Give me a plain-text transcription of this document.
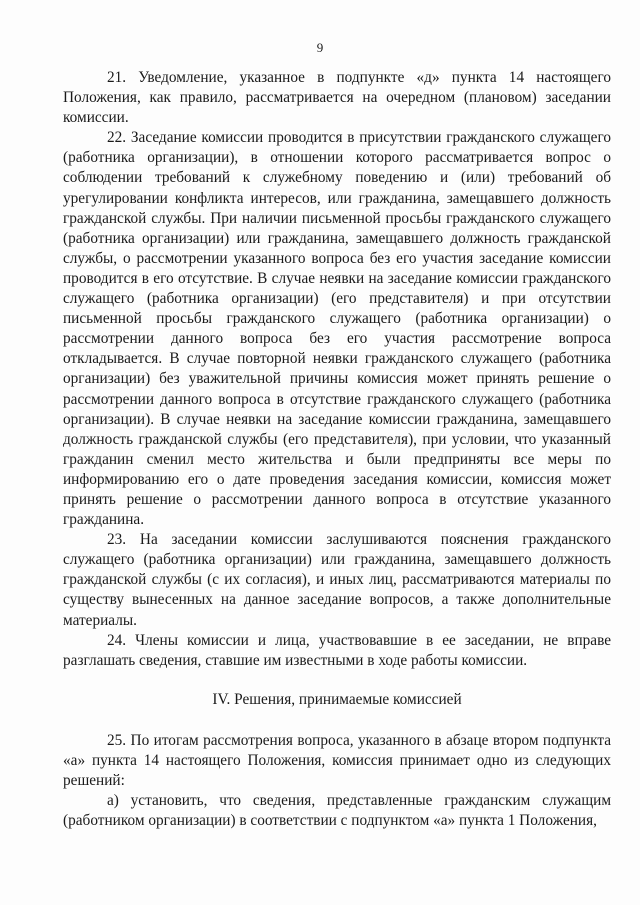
9

21. Уведомление, указанное в подпункте «д» пункта 14 настоящего Положения, как правило, рассматривается на очередном (плановом) заседании комиссии.

22. Заседание комиссии проводится в присутствии гражданского служащего (работника организации), в отношении которого рассматривается вопрос о соблюдении требований к служебному поведению и (или) требований об урегулировании конфликта интересов, или гражданина, замещавшего должность гражданской службы. При наличии письменной просьбы гражданского служащего (работника организации) или гражданина, замещавшего должность гражданской службы, о рассмотрении указанного вопроса без его участия заседание комиссии проводится в его отсутствие. В случае неявки на заседание комиссии гражданского служащего (работника организации) (его представителя) и при отсутствии письменной просьбы гражданского служащего (работника организации) о рассмотрении данного вопроса без его участия рассмотрение вопроса откладывается. В случае повторной неявки гражданского служащего (работника организации) без уважительной причины комиссия может принять решение о рассмотрении данного вопроса в отсутствие гражданского служащего (работника организации). В случае неявки на заседание комиссии гражданина, замещавшего должность гражданской службы (его представителя), при условии, что указанный гражданин сменил место жительства и были предприняты все меры по информированию его о дате проведения заседания комиссии, комиссия может принять решение о рассмотрении данного вопроса в отсутствие указанного гражданина.

23. На заседании комиссии заслушиваются пояснения гражданского служащего (работника организации) или гражданина, замещавшего должность гражданской службы (с их согласия), и иных лиц, рассматриваются материалы по существу вынесенных на данное заседание вопросов, а также дополнительные материалы.

24. Члены комиссии и лица, участвовавшие в ее заседании, не вправе разглашать сведения, ставшие им известными в ходе работы комиссии.

IV. Решения, принимаемые комиссией

25. По итогам рассмотрения вопроса, указанного в абзаце втором подпункта «а» пункта 14 настоящего Положения, комиссия принимает одно из следующих решений:

а) установить, что сведения, представленные гражданским служащим (работником организации) в соответствии с подпунктом «а» пункта 1 Положения,
